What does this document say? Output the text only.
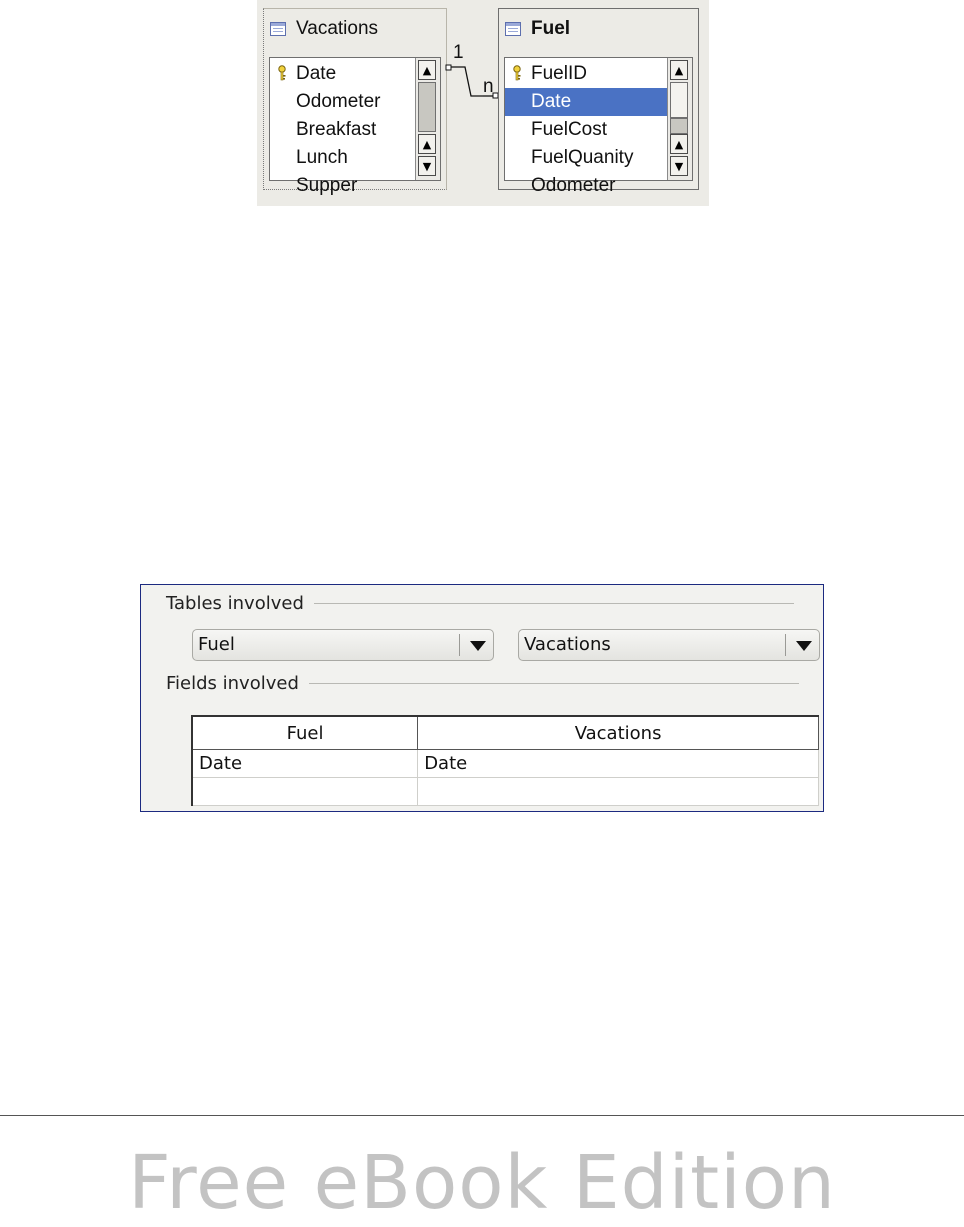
Vacations
Date
Odometer
Breakfast
Lunch
Supper
▲
▲
▼
1
n
Fuel
FuelID
Date
FuelCost
FuelQuanity
Odometer
▲
▲
▼
Tables involved
Fuel	Vacations
Fields involved
Fuel	Vacations
Date	Date

Free eBook Edition
